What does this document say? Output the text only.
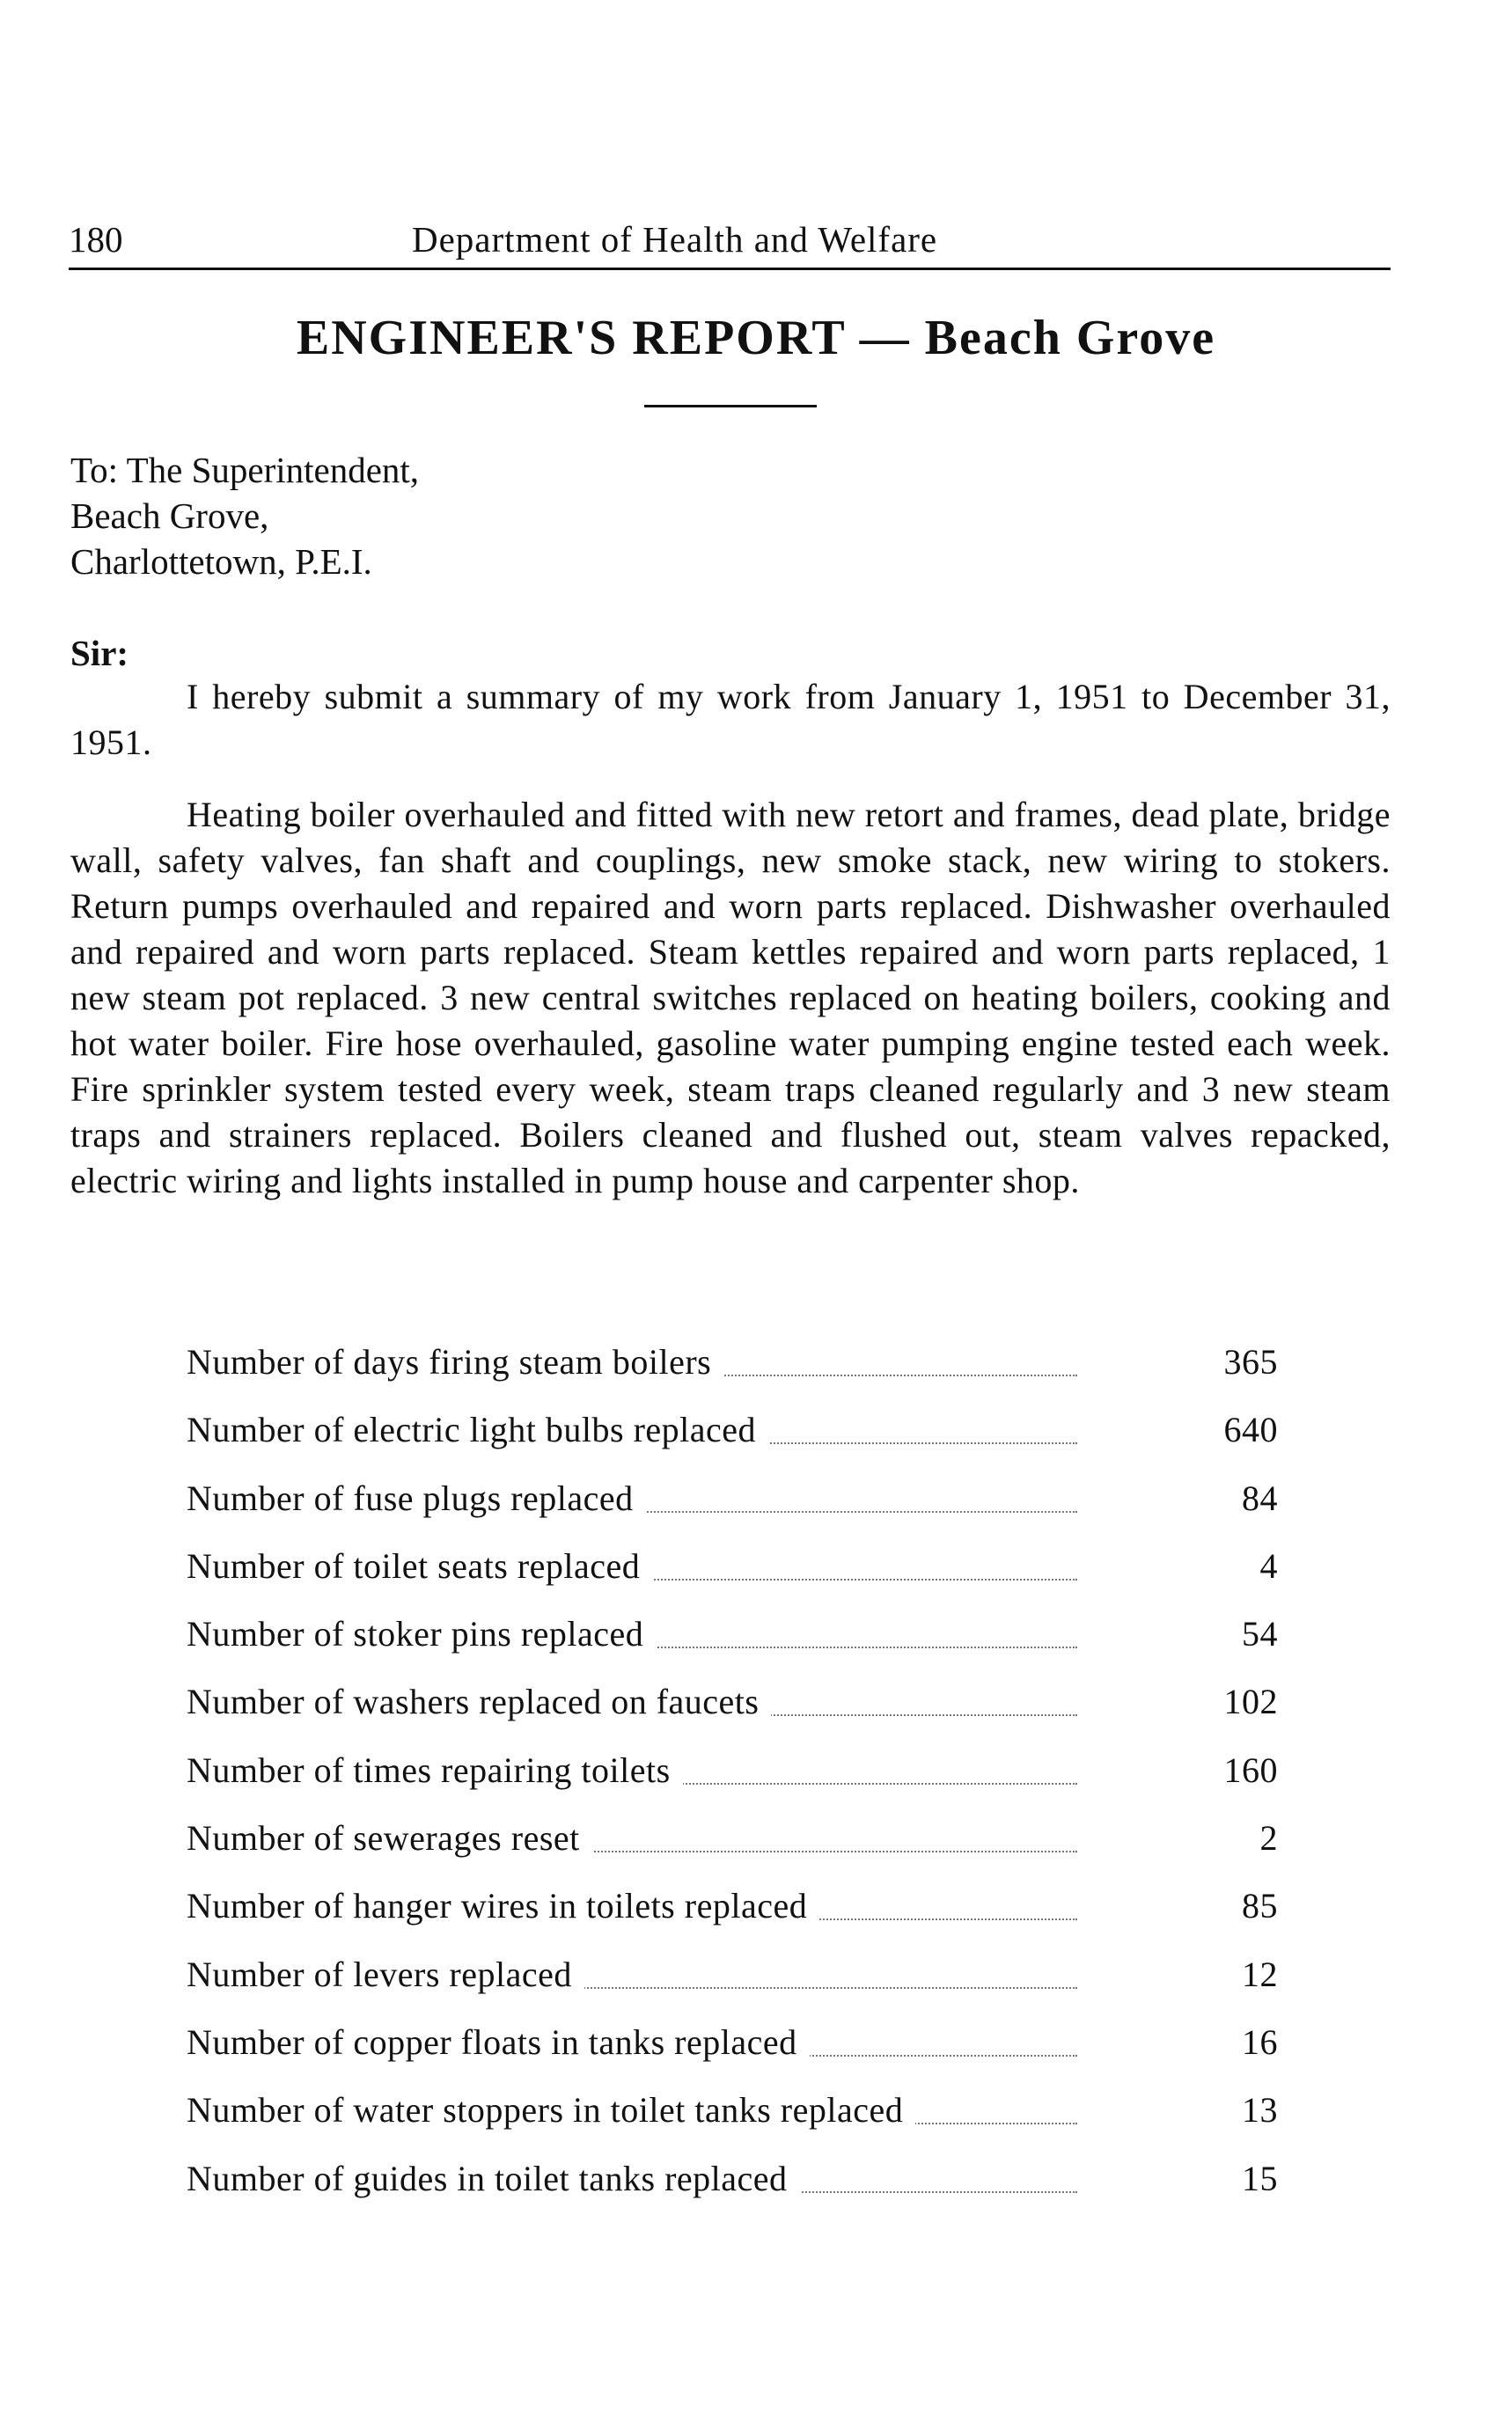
180	Department of Health and Welfare
ENGINEER'S REPORT — Beach Grove
To: The Superintendent,
Beach Grove,
Charlottetown, P.E.I.
Sir:
I hereby submit a summary of my work from January 1, 1951 to December 31, 1951.
Heating boiler overhauled and fitted with new retort and frames, dead plate, bridge wall, safety valves, fan shaft and couplings, new smoke stack, new wiring to stokers. Return pumps overhauled and repaired and worn parts replaced. Dishwasher overhauled and repaired and worn parts replaced. Steam kettles repaired and worn parts replaced, 1 new steam pot replaced. 3 new central switches replaced on heating boilers, cooking and hot water boiler. Fire hose overhauled, gasoline water pumping engine tested each week. Fire sprinkler system tested every week, steam traps cleaned regularly and 3 new steam traps and strainers replaced. Boilers cleaned and flushed out, steam valves repacked, electric wiring and lights installed in pump house and carpenter shop.
Number of days firing steam boilers	365
Number of electric light bulbs replaced	640
Number of fuse plugs replaced	84
Number of toilet seats replaced	4
Number of stoker pins replaced	54
Number of washers replaced on faucets	102
Number of times repairing toilets	160
Number of sewerages reset	2
Number of hanger wires in toilets replaced	85
Number of levers replaced	12
Number of copper floats in tanks replaced	16
Number of water stoppers in toilet tanks replaced	13
Number of guides in toilet tanks replaced	15
